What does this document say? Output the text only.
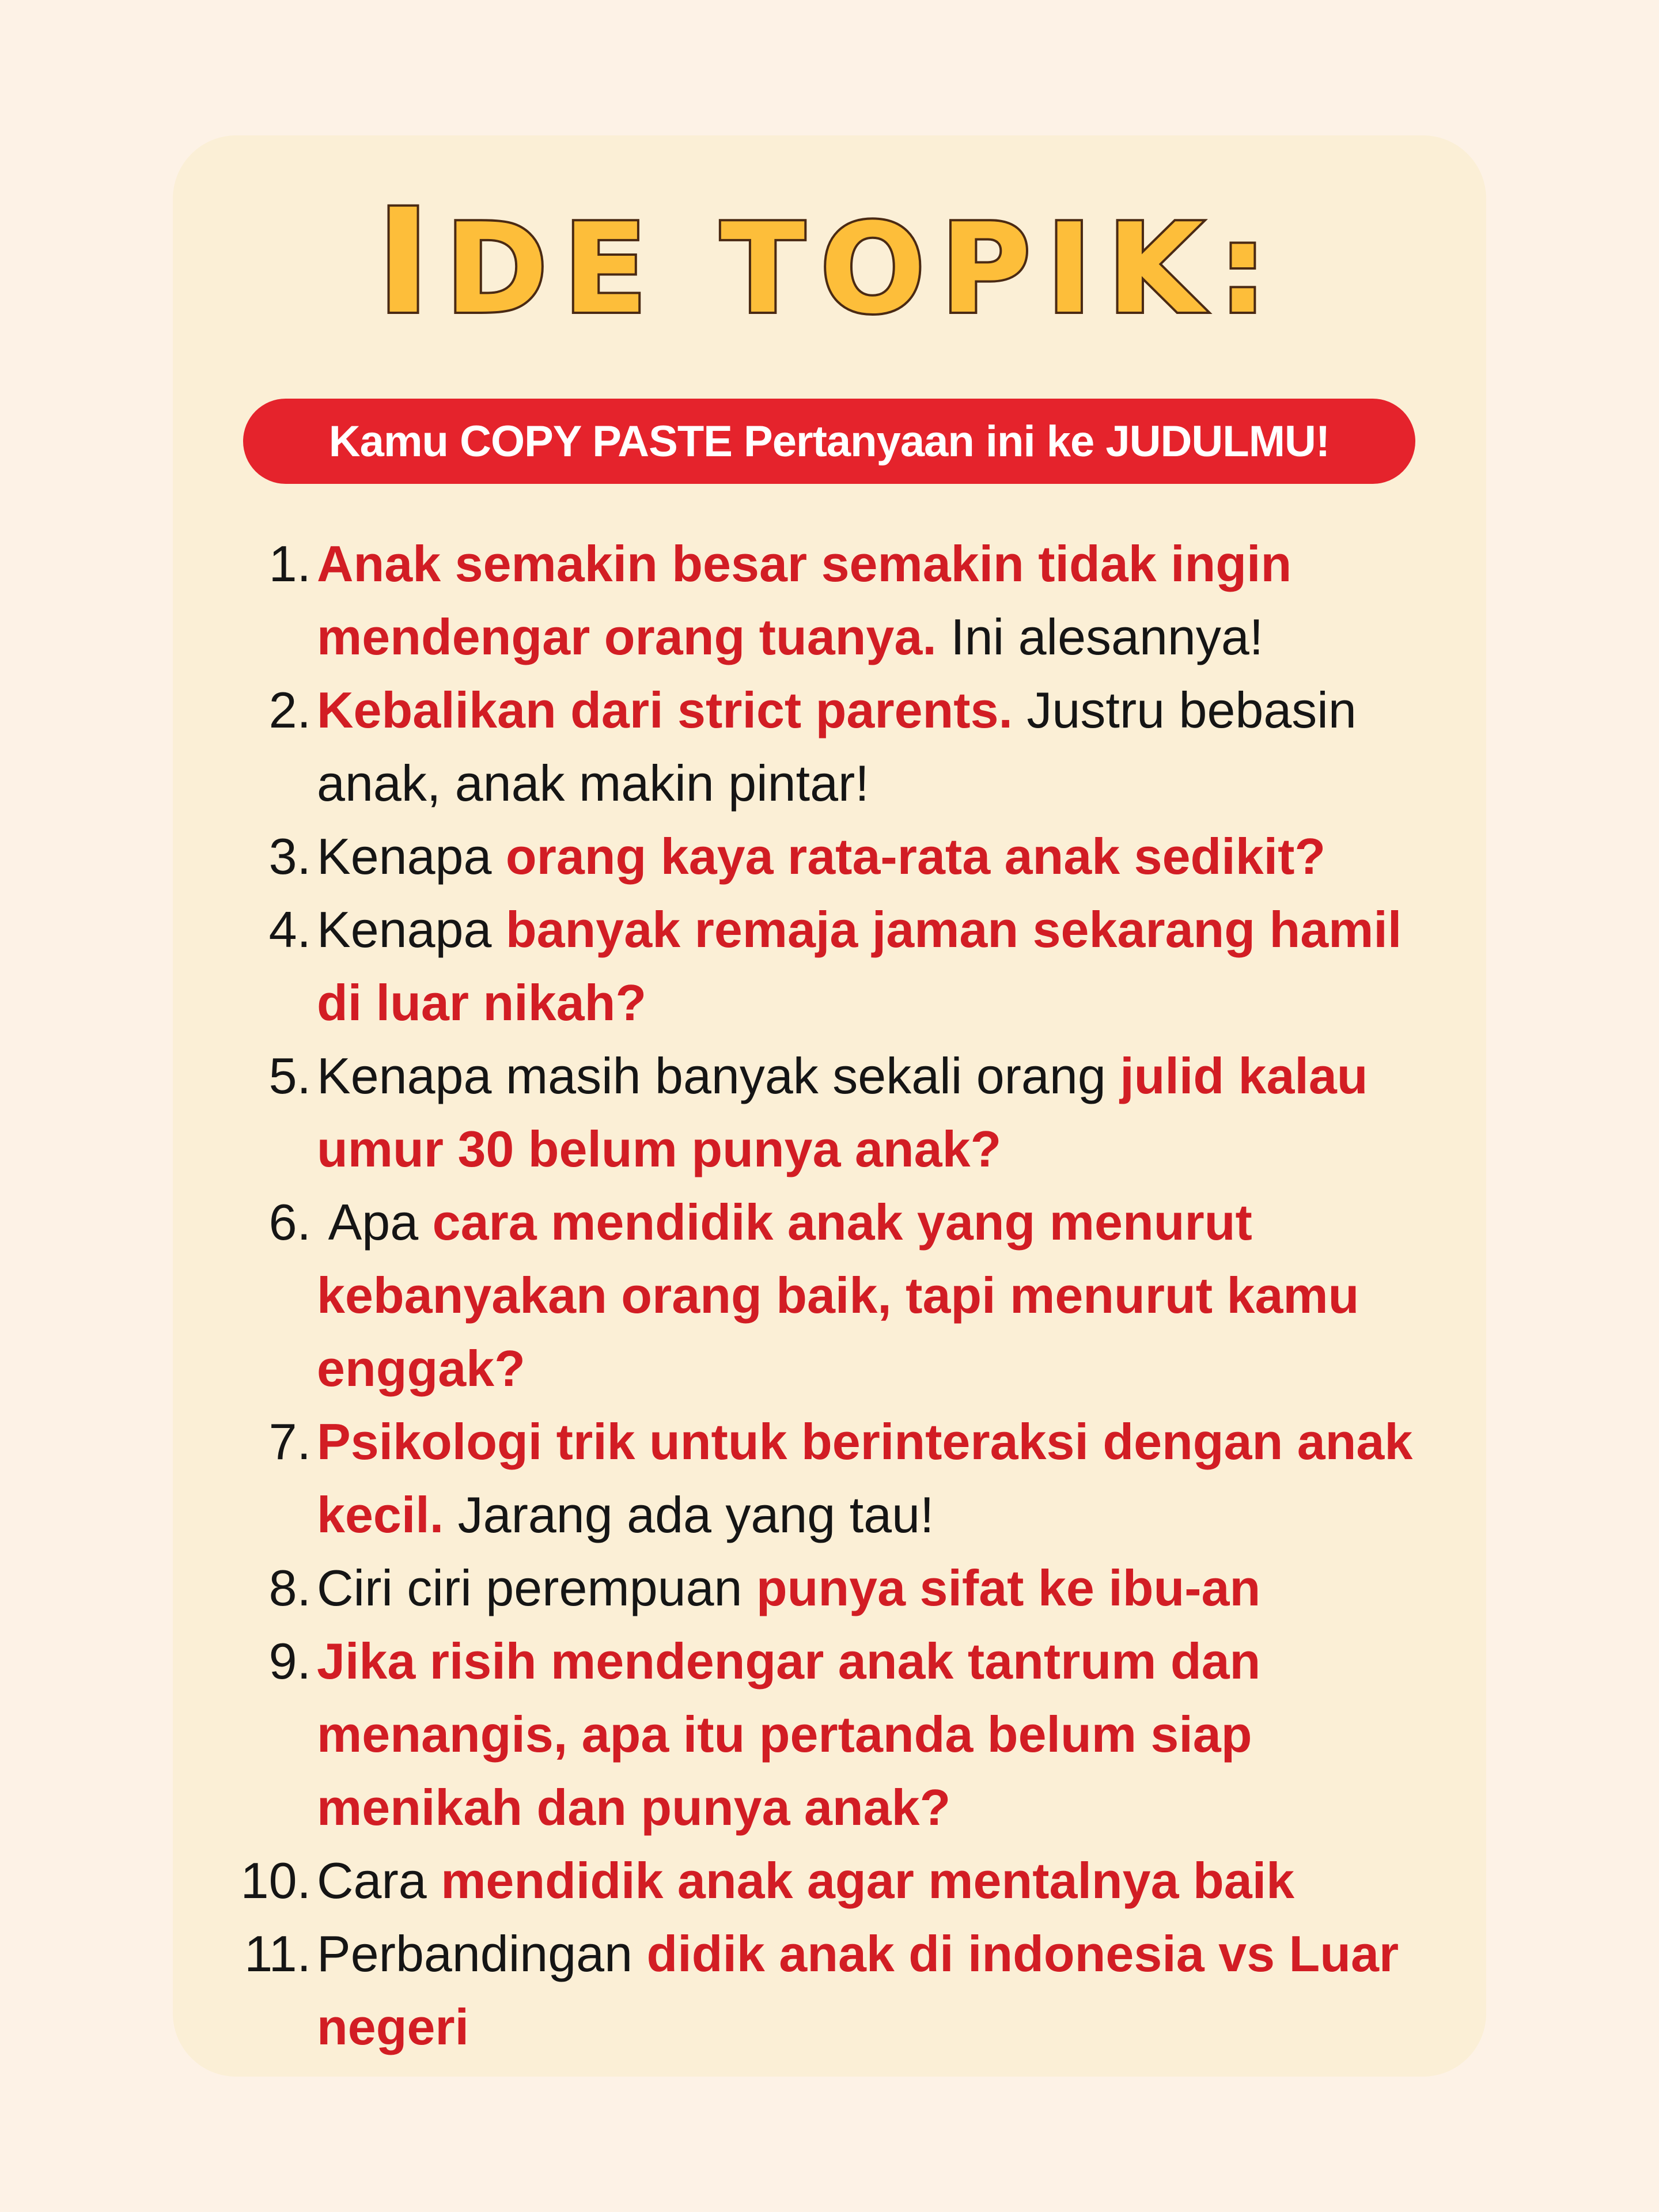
IDE TOPIK:
Kamu COPY PASTE Pertanyaan ini ke JUDULMU!
1. Anak semakin besar semakin tidak ingin
mendengar orang tuanya. Ini alesannya!
2. Kebalikan dari strict parents. Justru bebasin
anak, anak makin pintar!
3. Kenapa orang kaya rata-rata anak sedikit?
4. Kenapa banyak remaja jaman sekarang hamil
di luar nikah?
5. Kenapa masih banyak sekali orang julid kalau
umur 30 belum punya anak?
6. Apa cara mendidik anak yang menurut
kebanyakan orang baik, tapi menurut kamu
enggak?
7. Psikologi trik untuk berinteraksi dengan anak
kecil. Jarang ada yang tau!
8. Ciri ciri perempuan punya sifat ke ibu-an
9. Jika risih mendengar anak tantrum dan
menangis, apa itu pertanda belum siap
menikah dan punya anak?
10. Cara mendidik anak agar mentalnya baik
11. Perbandingan didik anak di indonesia vs Luar
negeri
